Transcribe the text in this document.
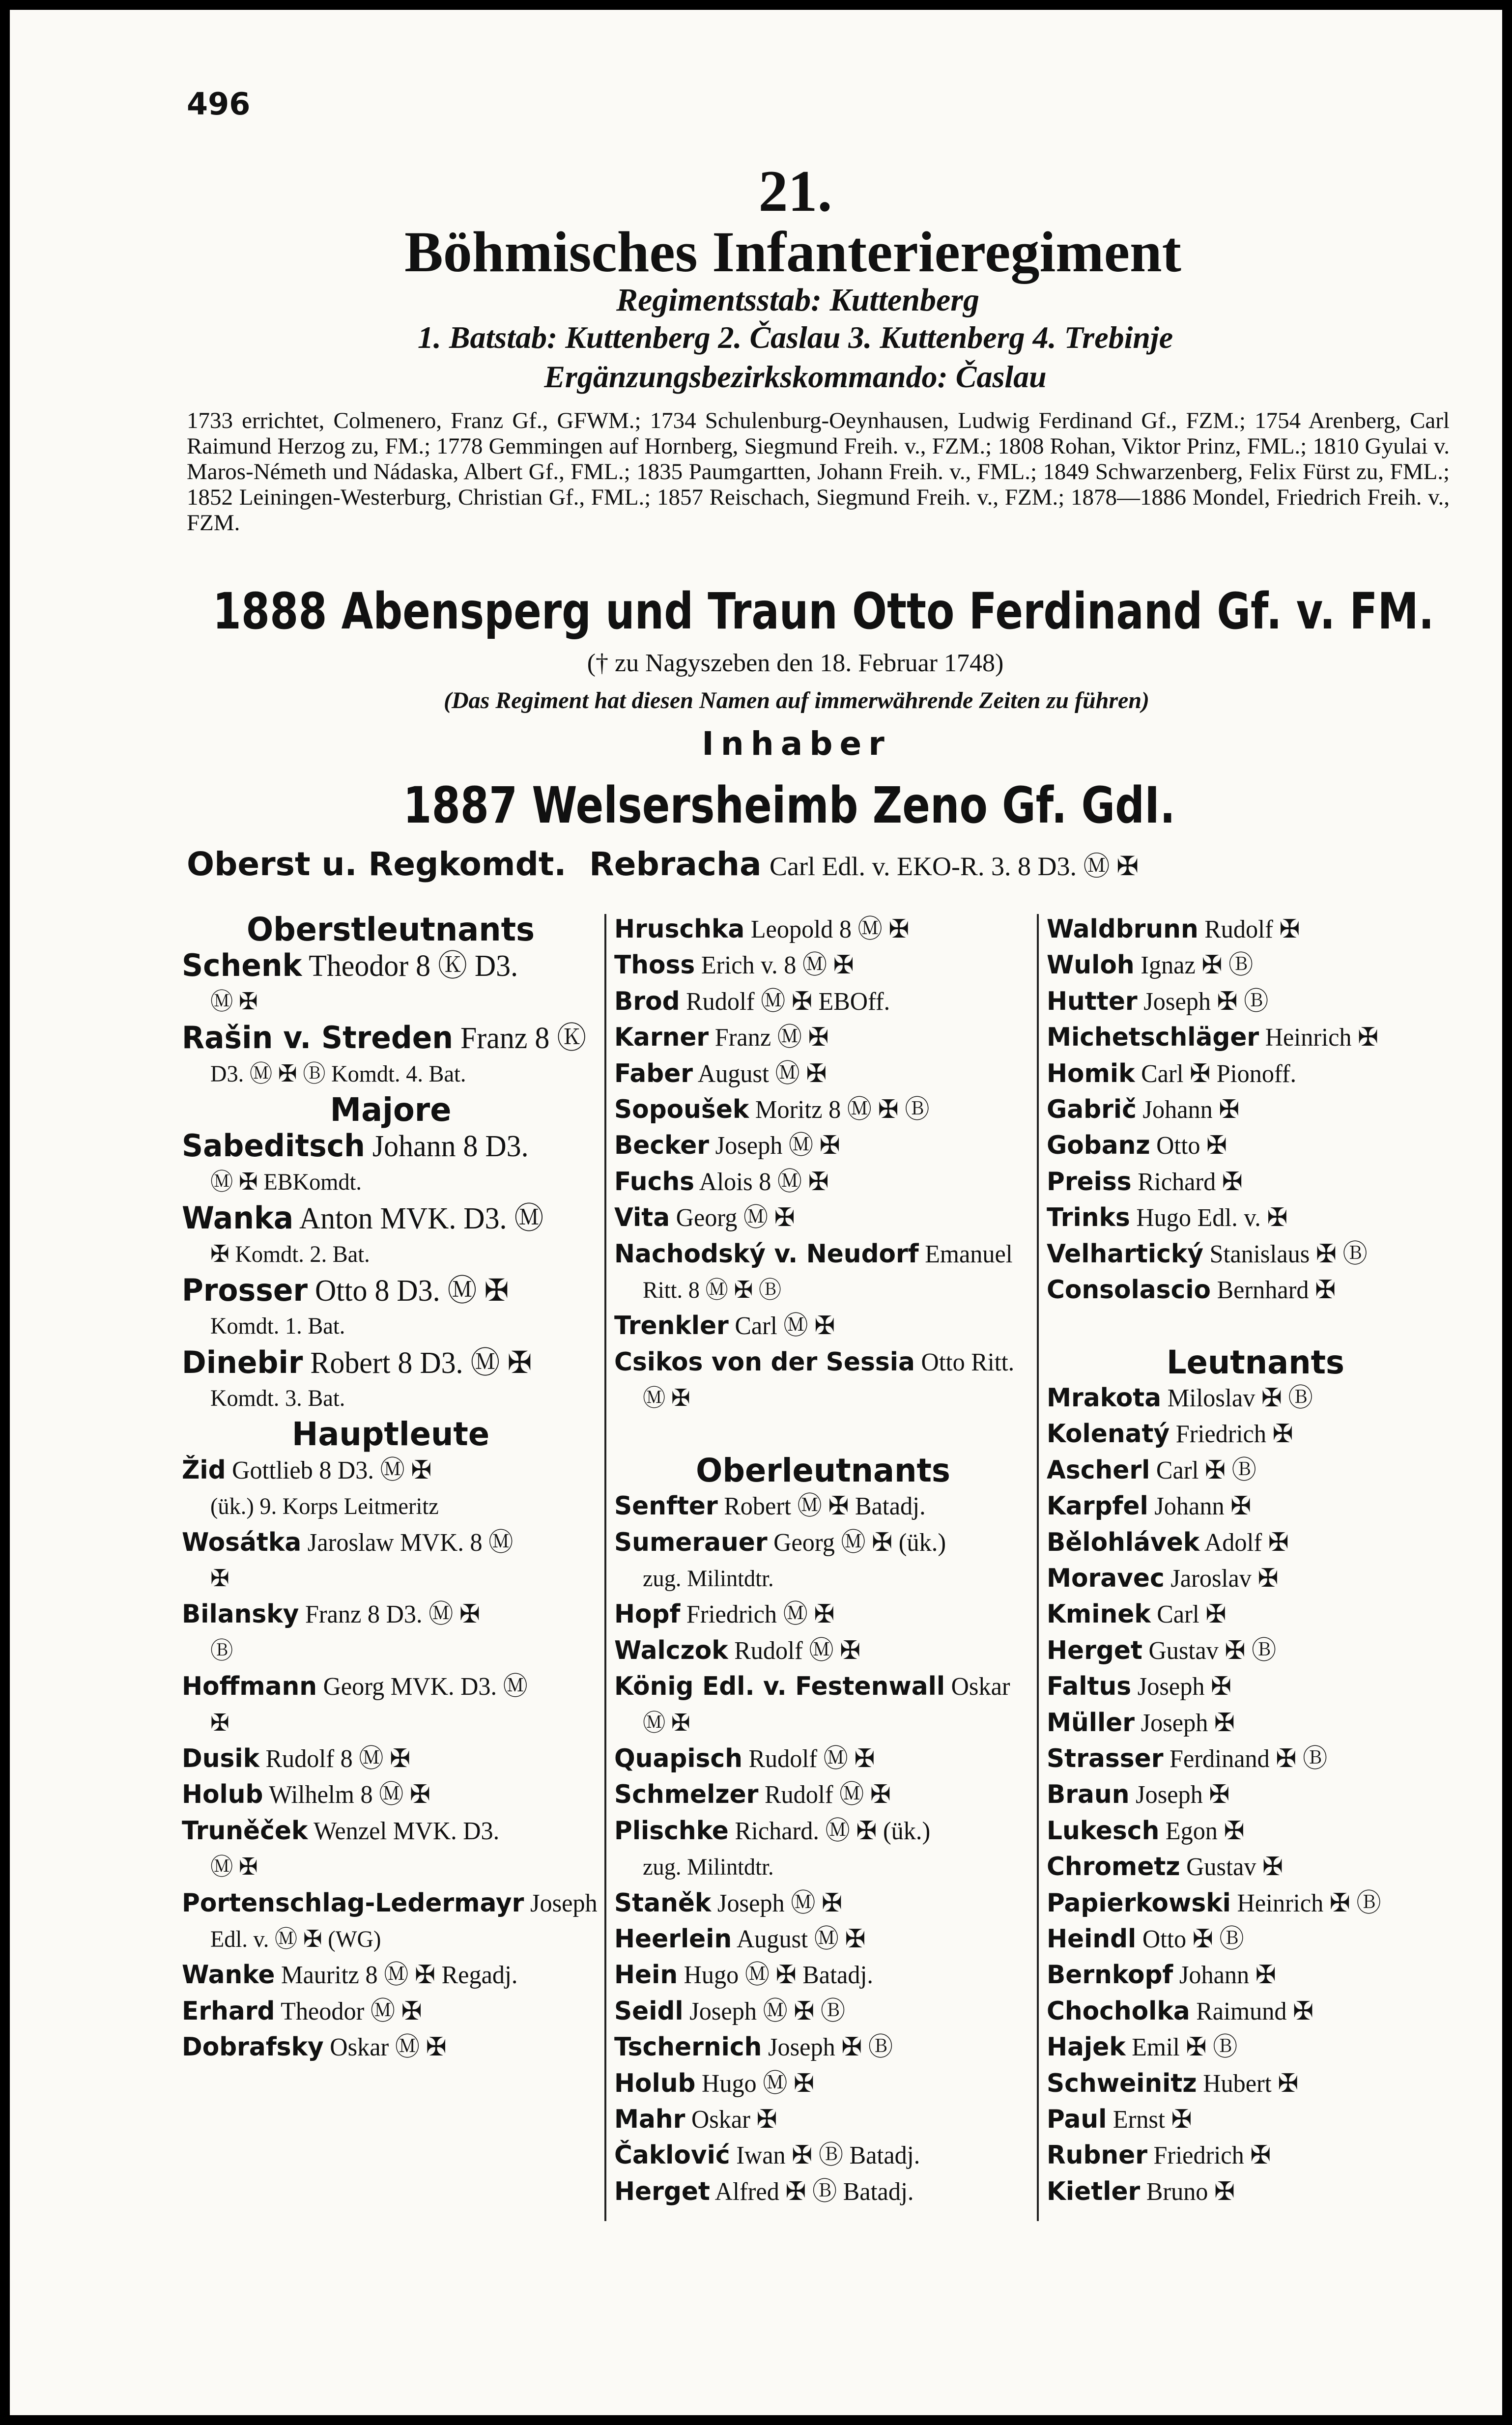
496
21.
Böhmisches Infanterieregiment
Regimentsstab: Kuttenberg
1. Batstab: Kuttenberg 2. Časlau 3. Kuttenberg 4. Trebinje
Ergänzungsbezirkskommando: Časlau
1733 errichtet, Colmenero, Franz Gf., GFWM.; 1734 Schulenburg-Oeynhausen, Ludwig Ferdinand Gf., FZM.; 1754 Arenberg, Carl Raimund Herzog zu, FM.; 1778 Gemmingen auf Hornberg, Siegmund Freih. v., FZM.; 1808 Rohan, Viktor Prinz, FML.; 1810 Gyulai v. Maros-Németh und Nádaska, Albert Gf., FML.; 1835 Paumgartten, Johann Freih. v., FML.; 1849 Schwarzenberg, Felix Fürst zu, FML.; 1852 Leiningen-Westerburg, Christian Gf., FML.; 1857 Reischach, Siegmund Freih. v., FZM.; 1878—1886 Mondel, Friedrich Freih. v., FZM.
1888 Abensperg und Traun Otto Ferdinand Gf. v. FM.
(† zu Nagyszeben den 18. Februar 1748)
(Das Regiment hat diesen Namen auf immerwährende Zeiten zu führen)
Inhaber
1887 Welsersheimb Zeno Gf. GdI.
Oberst u. Regkomdt. Rebracha Carl Edl. v. EKO-R. 3. 8 D3. Ⓜ ✠
Oberstleutnants
Schenk Theodor 8 Ⓚ D3.
Ⓜ ✠
Rašin v. Streden Franz 8 Ⓚ
D3. Ⓜ ✠ Ⓑ Komdt. 4. Bat.
Majore
Sabeditsch Johann 8 D3.
Ⓜ ✠ EBKomdt.
Wanka Anton MVK. D3. Ⓜ
✠ Komdt. 2. Bat.
Prosser Otto 8 D3. Ⓜ ✠
Komdt. 1. Bat.
Dinebir Robert 8 D3. Ⓜ ✠
Komdt. 3. Bat.
Hauptleute
Žid Gottlieb 8 D3. Ⓜ ✠
(ük.) 9. Korps Leitmeritz
Wosátka Jaroslaw MVK. 8 Ⓜ
✠
Bilansky Franz 8 D3. Ⓜ ✠
Ⓑ
Hoffmann Georg MVK. D3. Ⓜ
✠
Dusik Rudolf 8 Ⓜ ✠
Holub Wilhelm 8 Ⓜ ✠
Truněček Wenzel MVK. D3.
Ⓜ ✠
Portenschlag-Ledermayr Joseph
Edl. v. Ⓜ ✠ (WG)
Wanke Mauritz 8 Ⓜ ✠ Regadj.
Erhard Theodor Ⓜ ✠
Dobrafsky Oskar Ⓜ ✠
Hruschka Leopold 8 Ⓜ ✠
Thoss Erich v. 8 Ⓜ ✠
Brod Rudolf Ⓜ ✠ EBOff.
Karner Franz Ⓜ ✠
Faber August Ⓜ ✠
Sopoušek Moritz 8 Ⓜ ✠ Ⓑ
Becker Joseph Ⓜ ✠
Fuchs Alois 8 Ⓜ ✠
Vita Georg Ⓜ ✠
Nachodský v. Neudorf Emanuel
Ritt. 8 Ⓜ ✠ Ⓑ
Trenkler Carl Ⓜ ✠
Csikos von der Sessia Otto Ritt.
Ⓜ ✠
Oberleutnants
Senfter Robert Ⓜ ✠ Batadj.
Sumerauer Georg Ⓜ ✠ (ük.)
zug. Milintdtr.
Hopf Friedrich Ⓜ ✠
Walczok Rudolf Ⓜ ✠
König Edl. v. Festenwall Oskar
Ⓜ ✠
Quapisch Rudolf Ⓜ ✠
Schmelzer Rudolf Ⓜ ✠
Plischke Richard. Ⓜ ✠ (ük.)
zug. Milintdtr.
Staněk Joseph Ⓜ ✠
Heerlein August Ⓜ ✠
Hein Hugo Ⓜ ✠ Batadj.
Seidl Joseph Ⓜ ✠ Ⓑ
Tschernich Joseph ✠ Ⓑ
Holub Hugo Ⓜ ✠
Mahr Oskar ✠
Čaklović Iwan ✠ Ⓑ Batadj.
Herget Alfred ✠ Ⓑ Batadj.
Waldbrunn Rudolf ✠
Wuloh Ignaz ✠ Ⓑ
Hutter Joseph ✠ Ⓑ
Michetschläger Heinrich ✠
Homik Carl ✠ Pionoff.
Gabrič Johann ✠
Gobanz Otto ✠
Preiss Richard ✠
Trinks Hugo Edl. v. ✠
Velhartický Stanislaus ✠ Ⓑ
Consolascio Bernhard ✠
Leutnants
Mrakota Miloslav ✠ Ⓑ
Kolenatý Friedrich ✠
Ascherl Carl ✠ Ⓑ
Karpfel Johann ✠
Bělohlávek Adolf ✠
Moravec Jaroslav ✠
Kminek Carl ✠
Herget Gustav ✠ Ⓑ
Faltus Joseph ✠
Müller Joseph ✠
Strasser Ferdinand ✠ Ⓑ
Braun Joseph ✠
Lukesch Egon ✠
Chrometz Gustav ✠
Papierkowski Heinrich ✠ Ⓑ
Heindl Otto ✠ Ⓑ
Bernkopf Johann ✠
Chocholka Raimund ✠
Hajek Emil ✠ Ⓑ
Schweinitz Hubert ✠
Paul Ernst ✠
Rubner Friedrich ✠
Kietler Bruno ✠
